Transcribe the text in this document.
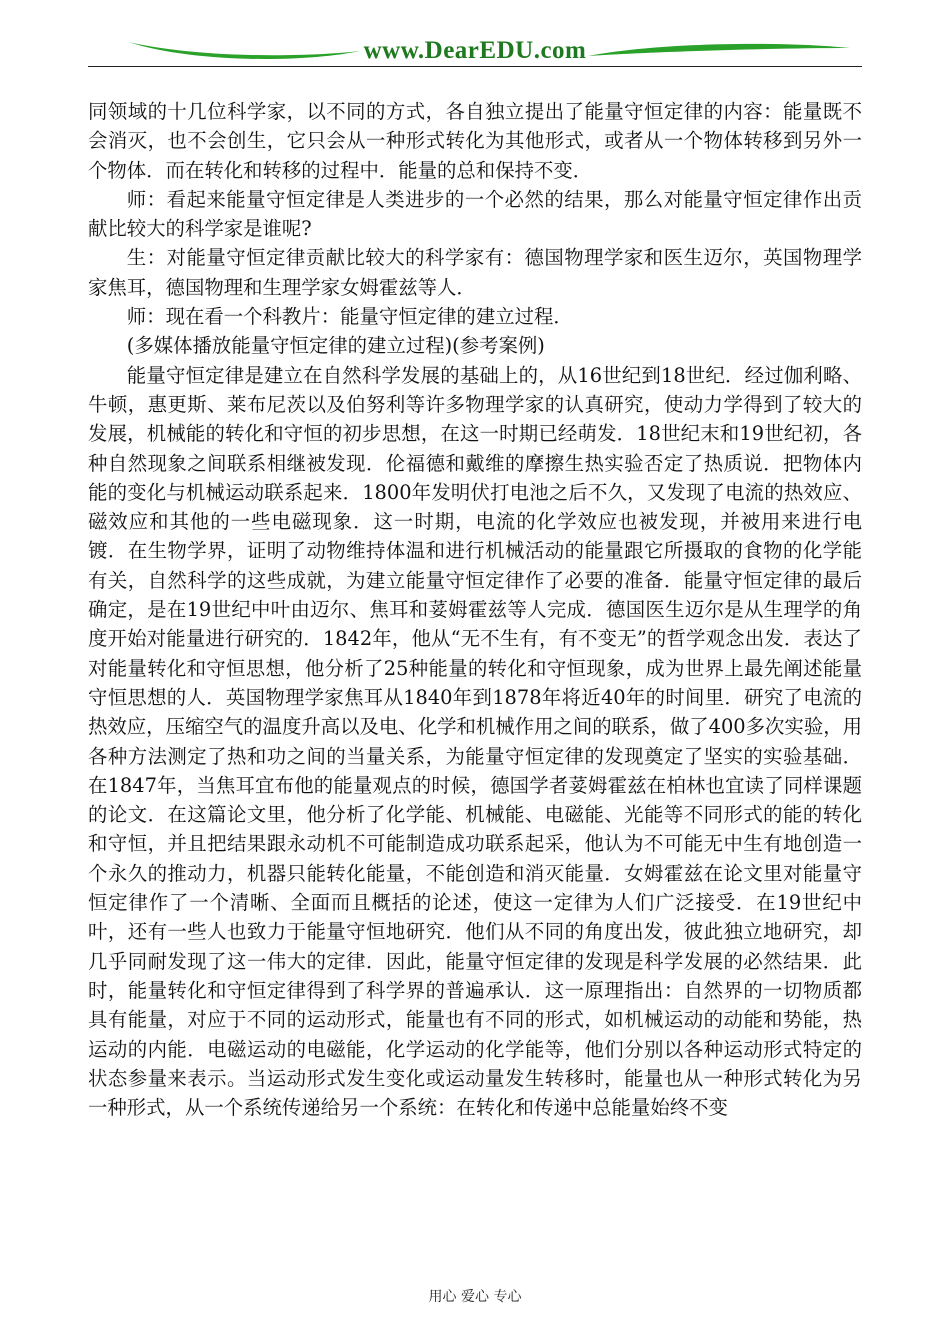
www.DearEDU.com

同领域的十几位科学家，以不同的方式，各自独立提出了能量守恒定律的内容：能量既不会消灭，也不会创生，它只会从一种形式转化为其他形式，或者从一个物体转移到另外一个物体．而在转化和转移的过程中．能量的总和保持不变．

师：看起来能量守恒定律是人类进步的一个必然的结果，那么对能量守恒定律作出贡献比较大的科学家是谁呢?

生：对能量守恒定律贡献比较大的科学家有：德国物理学家和医生迈尔，英国物理学家焦耳，德国物理和生理学家女姆霍兹等人．

师：现在看一个科教片：能量守恒定律的建立过程．

(多媒体播放能量守恒定律的建立过程)(参考案例)

能量守恒定律是建立在自然科学发展的基础上的，从16世纪到18世纪．经过伽利略、牛顿，惠更斯、莱布尼茨以及伯努利等许多物理学家的认真研究，使动力学得到了较大的发展，机械能的转化和守恒的初步思想，在这一时期已经萌发．18世纪末和19世纪初，各种自然现象之间联系相继被发现．伦福德和戴维的摩擦生热实验否定了热质说．把物体内能的变化与机械运动联系起来．1800年发明伏打电池之后不久，又发现了电流的热效应、磁效应和其他的一些电磁现象．这一时期，电流的化学效应也被发现，并被用来进行电镀．在生物学界，证明了动物维持体温和进行机械活动的能量跟它所摄取的食物的化学能有关，自然科学的这些成就，为建立能量守恒定律作了必要的准备．能量守恒定律的最后确定，是在19世纪中叶由迈尔、焦耳和荽姆霍兹等人完成．德国医生迈尔是从生理学的角度开始对能量进行研究的．1842年，他从“无不生有，有不变无”的哲学观念出发．表达了对能量转化和守恒思想，他分析了25种能量的转化和守恒现象，成为世界上最先阐述能量守恒思想的人．英国物理学家焦耳从1840年到1878年将近40年的时间里．研究了电流的热效应，压缩空气的温度升高以及电、化学和机械作用之间的联系，做了400多次实验，用各种方法测定了热和功之间的当量关系，为能量守恒定律的发现奠定了坚实的实验基础．在1847年，当焦耳宜布他的能量观点的时候，德国学者荽姆霍兹在柏林也宜读了同样课题的论文．在这篇论文里，他分析了化学能、机械能、电磁能、光能等不同形式的能的转化和守恒，并且把结果跟永动机不可能制造成功联系起采，他认为不可能无中生有地创造一个永久的推动力，机器只能转化能量，不能创造和消灭能量．女姆霍兹在论文里对能量守恒定律作了一个清晰、全面而且概括的论述，使这一定律为人们广泛接受．在19世纪中叶，还有一些人也致力于能量守恒地研究．他们从不同的角度出发，彼此独立地研究，却几乎同耐发现了这一伟大的定律．因此，能量守恒定律的发现是科学发展的必然结果．此时，能量转化和守恒定律得到了科学界的普遍承认．这一原理指出：自然界的一切物质都具有能量，对应于不同的运动形式，能量也有不同的形式，如机械运动的动能和势能，热运动的内能．电磁运动的电磁能，化学运动的化学能等，他们分别以各种运动形式特定的状态参量来表示。当运动形式发生变化或运动量发生转移时，能量也从一种形式转化为另一种形式，从一个系统传递给另一个系统：在转化和传递中总能量始终不变

用心 爱心 专心
